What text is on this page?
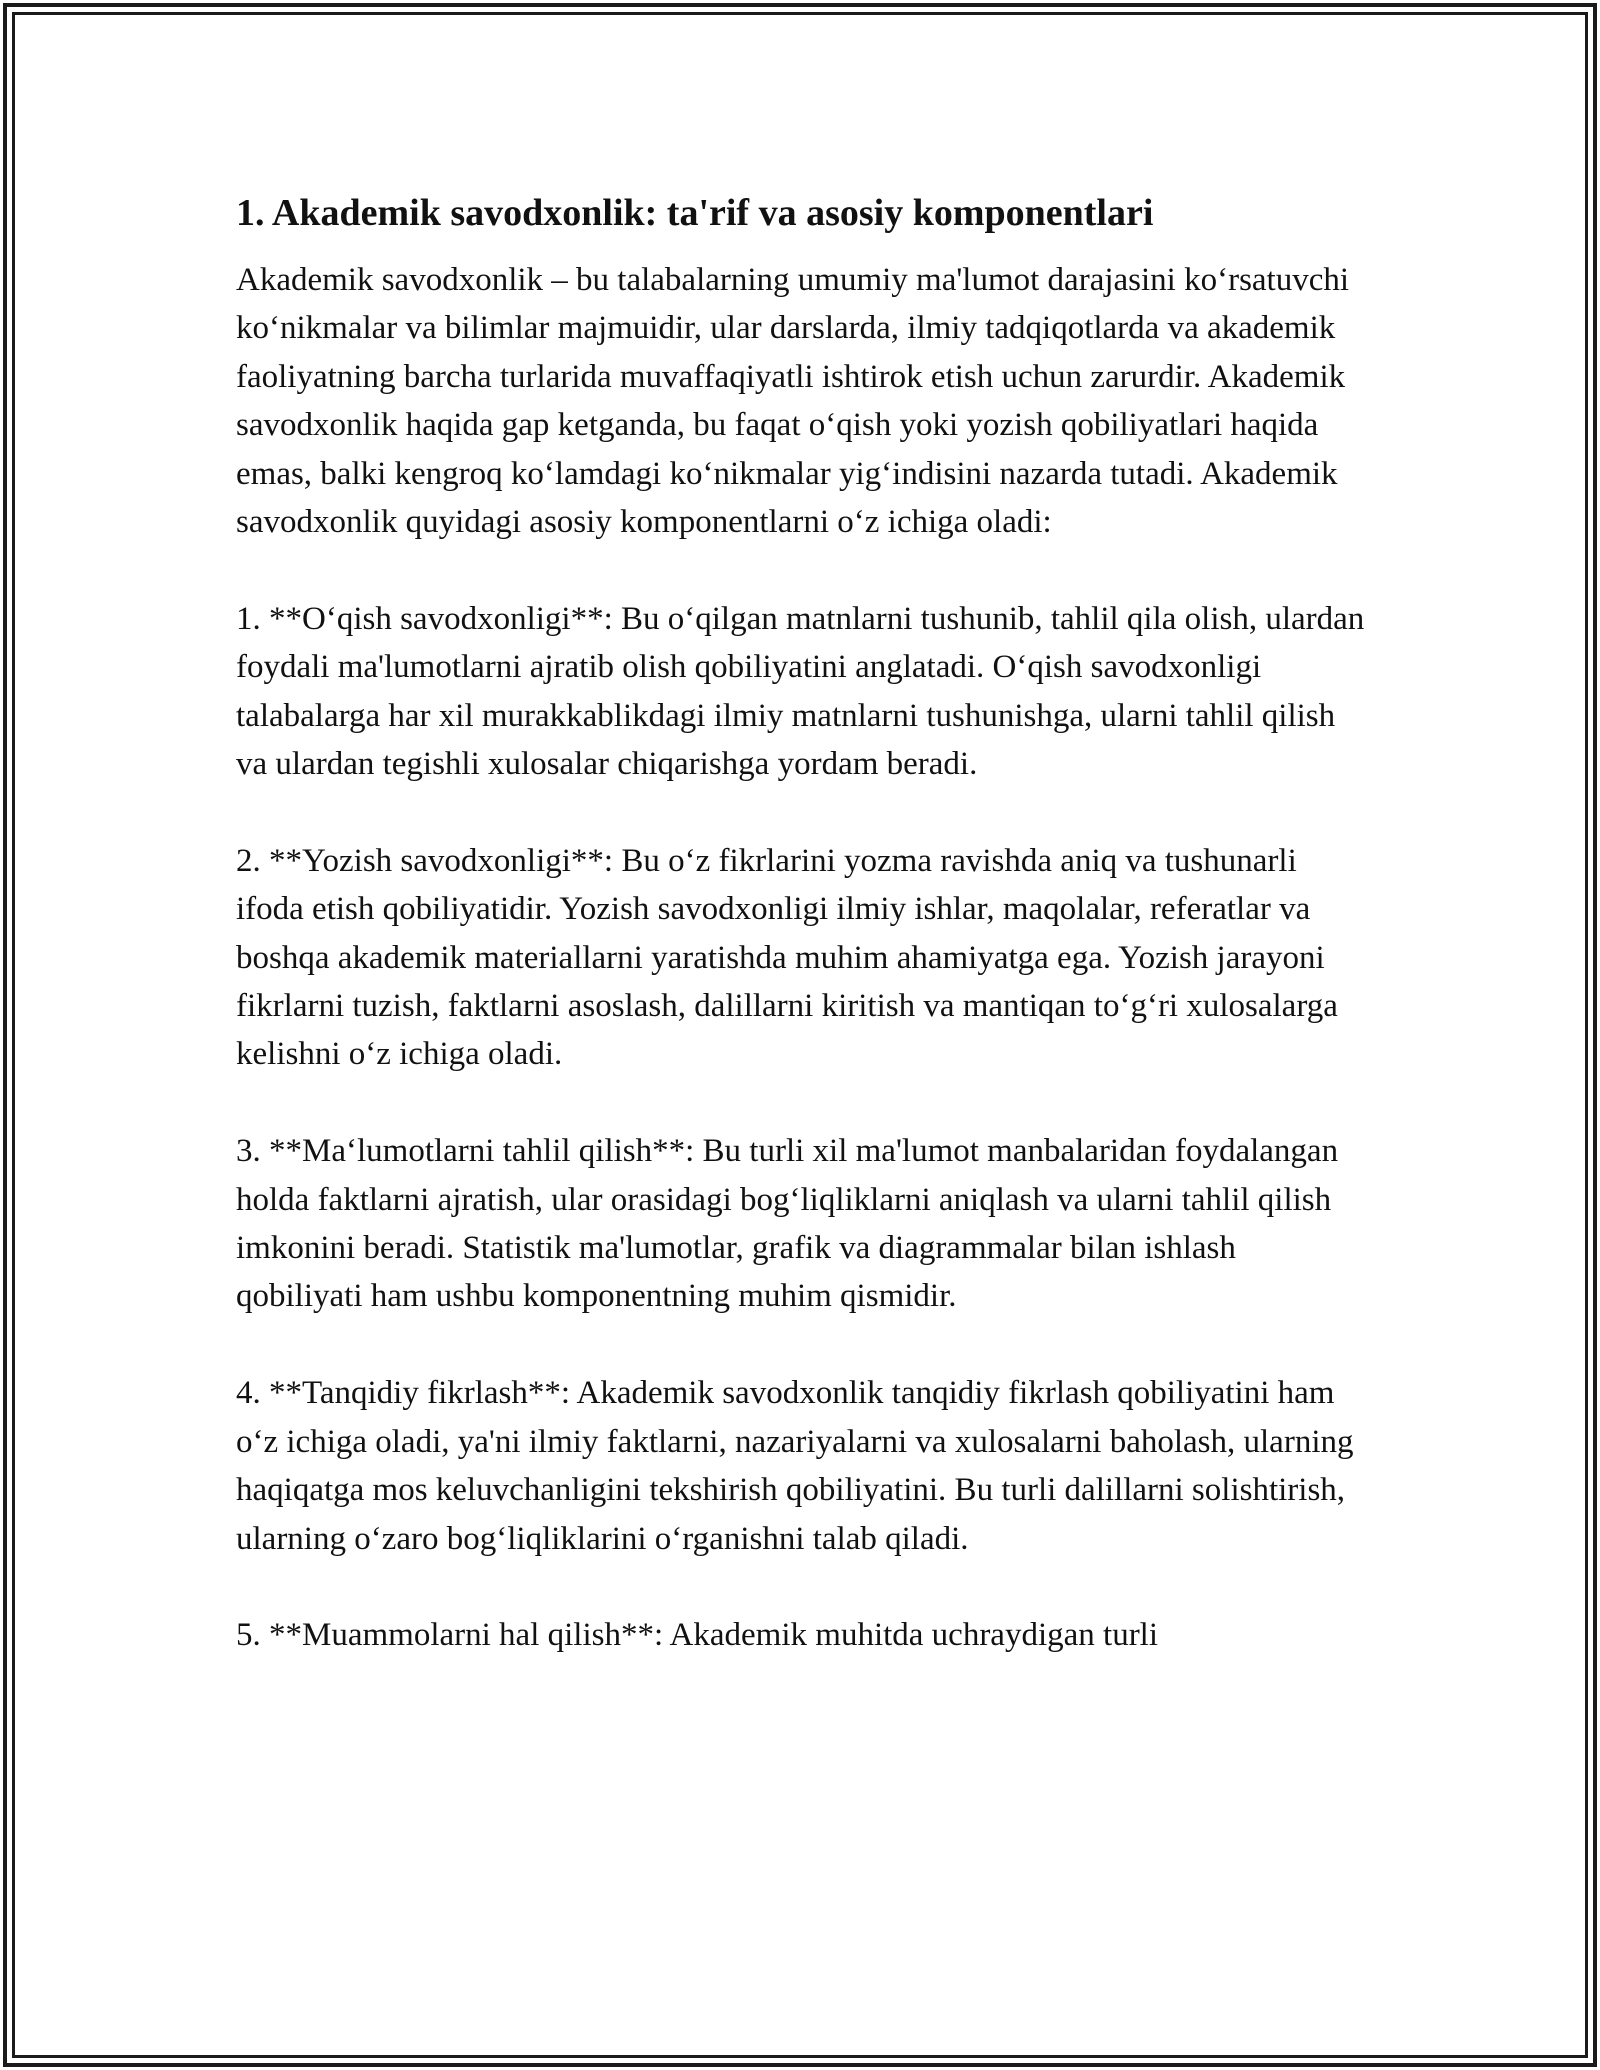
1. Akademik savodxonlik: ta'rif va asosiy komponentlari

Akademik savodxonlik – bu talabalarning umumiy ma'lumot darajasini ko‘rsatuvchi ko‘nikmalar va bilimlar majmuidir, ular darslarda, ilmiy tadqiqotlarda va akademik faoliyatning barcha turlarida muvaffaqiyatli ishtirok etish uchun zarurdir. Akademik savodxonlik haqida gap ketganda, bu faqat o‘qish yoki yozish qobiliyatlari haqida emas, balki kengroq ko‘lamdagi ko‘nikmalar yig‘indisini nazarda tutadi. Akademik savodxonlik quyidagi asosiy komponentlarni o‘z ichiga oladi:

1. **O‘qish savodxonligi**: Bu o‘qilgan matnlarni tushunib, tahlil qila olish, ulardan foydali ma'lumotlarni ajratib olish qobiliyatini anglatadi. O‘qish savodxonligi talabalarga har xil murakkablikdagi ilmiy matnlarni tushunishga, ularni tahlil qilish va ulardan tegishli xulosalar chiqarishga yordam beradi.

2. **Yozish savodxonligi**: Bu o‘z fikrlarini yozma ravishda aniq va tushunarli ifoda etish qobiliyatidir. Yozish savodxonligi ilmiy ishlar, maqolalar, referatlar va boshqa akademik materiallarni yaratishda muhim ahamiyatga ega. Yozish jarayoni fikrlarni tuzish, faktlarni asoslash, dalillarni kiritish va mantiqan to‘g‘ri xulosalarga kelishni o‘z ichiga oladi.

3. **Ma‘lumotlarni tahlil qilish**: Bu turli xil ma'lumot manbalaridan foydalangan holda faktlarni ajratish, ular orasidagi bog‘liqliklarni aniqlash va ularni tahlil qilish imkonini beradi. Statistik ma'lumotlar, grafik va diagrammalar bilan ishlash qobiliyati ham ushbu komponentning muhim qismidir.

4. **Tanqidiy fikrlash**: Akademik savodxonlik tanqidiy fikrlash qobiliyatini ham o‘z ichiga oladi, ya'ni ilmiy faktlarni, nazariyalarni va xulosalarni baholash, ularning haqiqatga mos keluvchanligini tekshirish qobiliyatini. Bu turli dalillarni solishtirish, ularning o‘zaro bog‘liqliklarini o‘rganishni talab qiladi.

5. **Muammolarni hal qilish**: Akademik muhitda uchraydigan turli
